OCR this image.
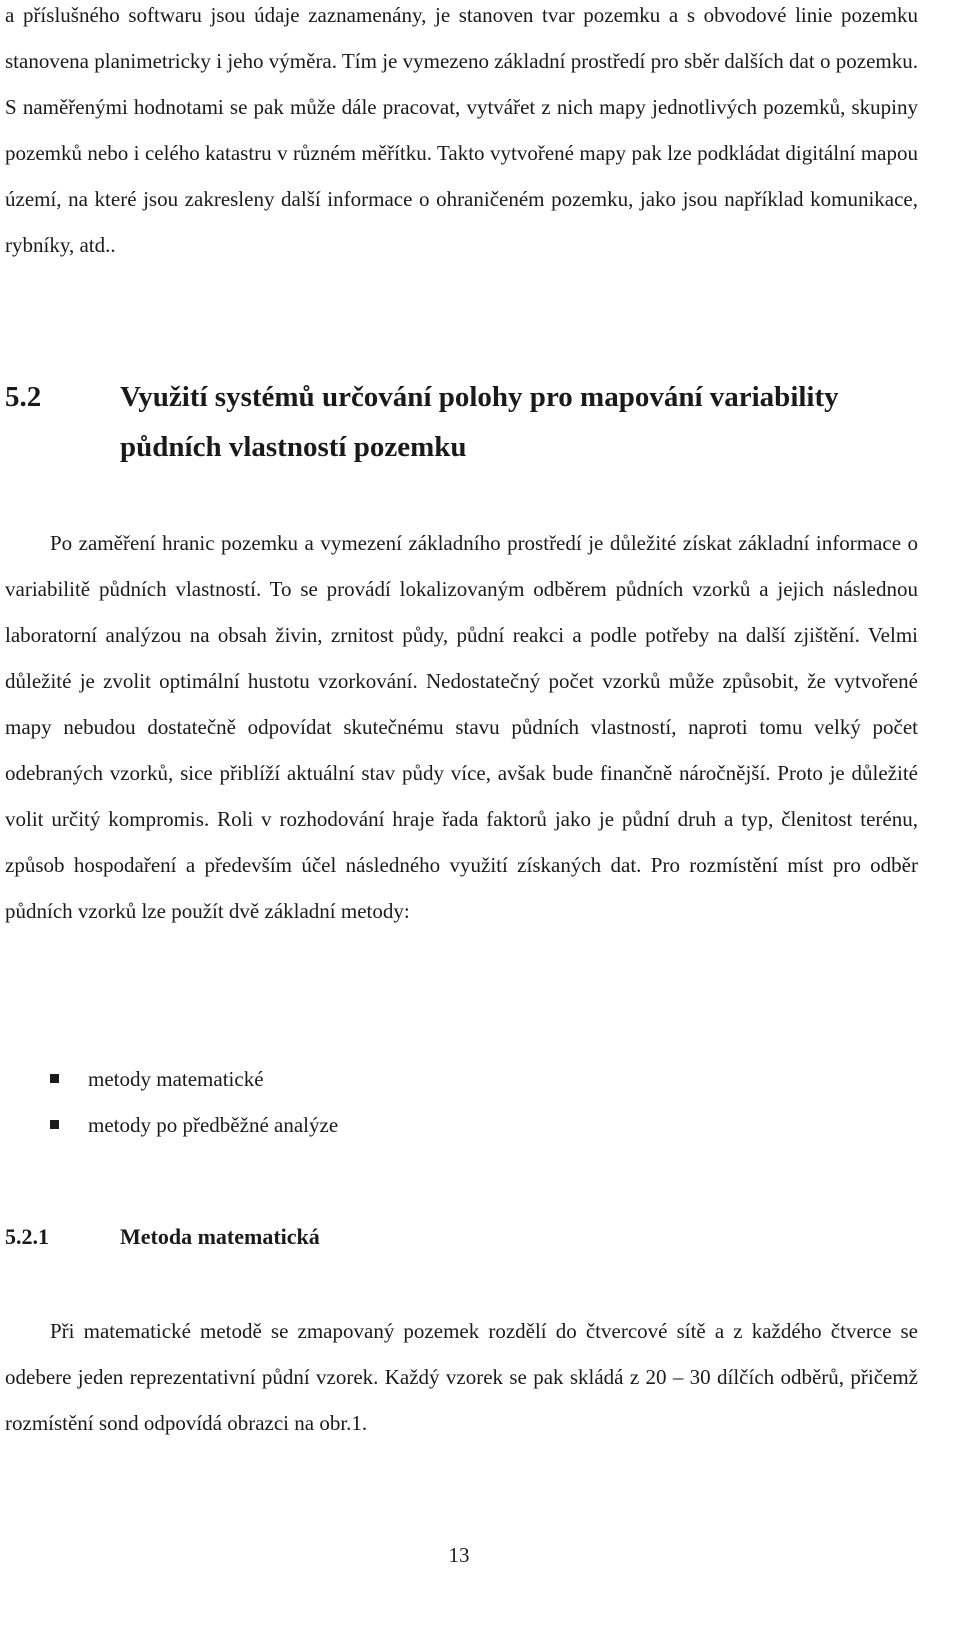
a příslušného softwaru jsou údaje zaznamenány, je stanoven tvar pozemku a s obvodové linie pozemku stanovena planimetricky i jeho výměra. Tím je vymezeno základní prostředí pro sběr dalších dat o pozemku. S naměřenými hodnotami se pak může dále pracovat, vytvářet z nich mapy jednotlivých pozemků, skupiny pozemků nebo i celého katastru v různém měřítku. Takto vytvořené mapy pak lze podkládat digitální mapou území, na které jsou zakresleny další informace o ohraničeném pozemku, jako jsou například komunikace, rybníky, atd..

5.2	Využití systémů určování polohy pro mapování variability půdních vlastností pozemku

Po zaměření hranic pozemku a vymezení základního prostředí je důležité získat základní informace o variabilitě půdních vlastností. To se provádí lokalizovaným odběrem půdních vzorků a jejich následnou laboratorní analýzou na obsah živin, zrnitost půdy, půdní reakci a podle potřeby na další zjištění. Velmi důležité je zvolit optimální hustotu vzorkování. Nedostatečný počet vzorků může způsobit, že vytvořené mapy nebudou dostatečně odpovídat skutečnému stavu půdních vlastností, naproti tomu velký počet odebraných vzorků, sice přiblíží aktuální stav půdy více, avšak bude finančně náročnější. Proto je důležité volit určitý kompromis. Roli v rozhodování hraje řada faktorů jako je půdní druh a typ, členitost terénu, způsob hospodaření a především účel následného využití získaných dat. Pro rozmístění míst pro odběr půdních vzorků lze použít dvě základní metody:

metody matematické
metody po předběžné analýze
5.2.1	Metoda matematická

Při matematické metodě se zmapovaný pozemek rozdělí do čtvercové sítě a z každého čtverce se odebere jeden reprezentativní půdní vzorek. Každý vzorek se pak skládá z 20 – 30 dílčích odběrů, přičemž rozmístění sond odpovídá obrazci na obr.1.

13
